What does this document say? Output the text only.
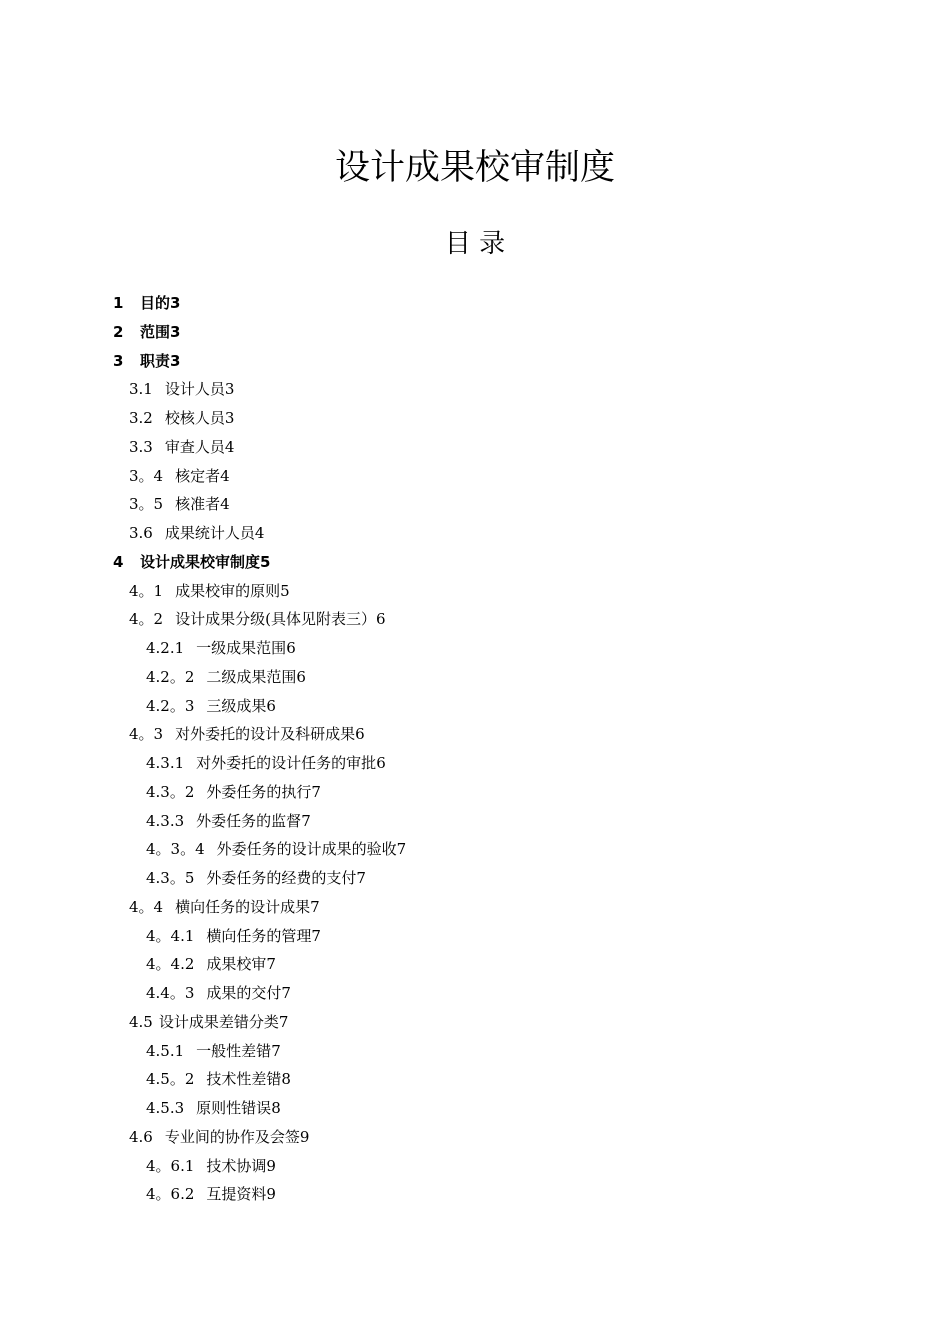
设计成果校审制度
目 录
1 目的3
2 范围3
3 职责3
3.1 设计人员3
3.2 校核人员3
3.3 审查人员4
3。4 核定者4
3。5 核准者4
3.6 成果统计人员4
4 设计成果校审制度5
4。1 成果校审的原则5
4。2 设计成果分级(具体见附表三）6
4.2.1 一级成果范围6
4.2。2 二级成果范围6
4.2。3 三级成果6
4。3 对外委托的设计及科研成果6
4.3.1 对外委托的设计任务的审批6
4.3。2 外委任务的执行7
4.3.3 外委任务的监督7
4。3。4 外委任务的设计成果的验收7
4.3。5 外委任务的经费的支付7
4。4 横向任务的设计成果7
4。4.1 横向任务的管理7
4。4.2 成果校审7
4.4。3 成果的交付7
4.5 设计成果差错分类7
4.5.1 一般性差错7
4.5。2 技术性差错8
4.5.3 原则性错误8
4.6 专业间的协作及会签9
4。6.1 技术协调9
4。6.2 互提资料9
